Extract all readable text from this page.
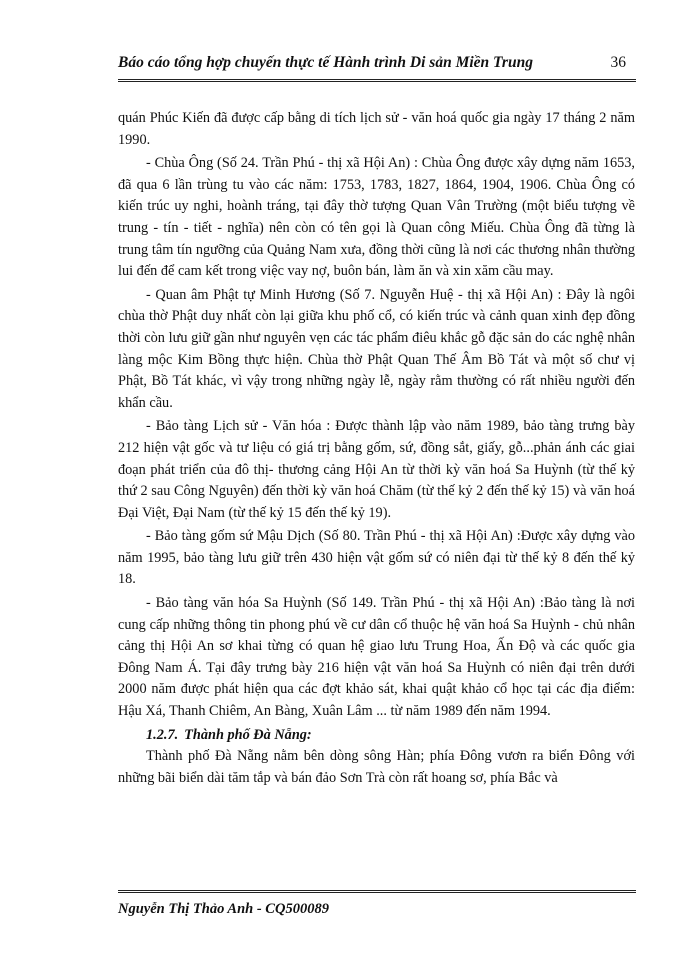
Báo cáo tổng hợp chuyến thực tế Hành trình Di sản Miền Trung	36

quán Phúc Kiến đã được cấp bằng di tích lịch sử - văn hoá quốc gia ngày 17 tháng 2 năm 1990.

- Chùa Ông (Số 24. Trần Phú - thị xã Hội An) : Chùa Ông được xây dựng năm 1653, đã qua 6 lần trùng tu vào các năm: 1753, 1783, 1827, 1864, 1904, 1906. Chùa Ông có kiến trúc uy nghi, hoành tráng, tại đây thờ tượng Quan Vân Trường (một biểu tượng về trung - tín - tiết - nghĩa) nên còn có tên gọi là Quan công Miếu. Chùa Ông đã từng là trung tâm tín ngưỡng của Quảng Nam xưa, đồng thời cũng là nơi các thương nhân thường lui đến để cam kết trong việc vay nợ, buôn bán, làm ăn và xin xăm cầu may.

- Quan âm Phật tự Minh Hương (Số 7. Nguyễn Huệ - thị xã Hội An) : Đây là ngôi chùa thờ Phật duy nhất còn lại giữa khu phố cổ, có kiến trúc và cảnh quan xinh đẹp đồng thời còn lưu giữ gần như nguyên vẹn các tác phẩm điêu khắc gỗ đặc sản do các nghệ nhân làng mộc Kim Bồng thực hiện. Chùa thờ Phật Quan Thế Âm Bồ Tát và một số chư vị Phật, Bồ Tát khác, vì vậy trong những ngày lễ, ngày rằm thường có rất nhiều người đến khẩn cầu.

- Bảo tàng Lịch sử - Văn hóa : Được thành lập vào năm 1989, bảo tàng trưng bày 212 hiện vật gốc và tư liệu có giá trị bằng gốm, sứ, đồng sắt, giấy, gỗ...phản ánh các giai đoạn phát triển của đô thị- thương cảng Hội An từ thời kỳ văn hoá Sa Huỳnh (từ thế kỷ thứ 2 sau Công Nguyên) đến thời kỳ văn hoá Chăm (từ thế kỷ 2 đến thế kỷ 15) và văn hoá Đại Việt, Đại Nam (từ thế kỷ 15 đến thế kỷ 19).

- Bảo tàng gốm sứ Mậu Dịch (Số 80. Trần Phú - thị xã Hội An) :Được xây dựng vào năm 1995, bảo tàng lưu giữ trên 430 hiện vật gốm sứ có niên đại từ thế kỷ 8 đến thế kỷ 18.

- Bảo tàng văn hóa Sa Huỳnh (Số 149. Trần Phú - thị xã Hội An) :Bảo tàng là nơi cung cấp những thông tin phong phú về cư dân cổ thuộc hệ văn hoá Sa Huỳnh - chủ nhân cảng thị Hội An sơ khai từng có quan hệ giao lưu Trung Hoa, Ấn Độ và các quốc gia Đông Nam Á. Tại đây trưng bày 216 hiện vật văn hoá Sa Huỳnh có niên đại trên dưới 2000 năm được phát hiện qua các đợt khảo sát, khai quật khảo cổ học tại các địa điểm: Hậu Xá, Thanh Chiêm, An Bàng, Xuân Lâm ... từ năm 1989 đến năm 1994.

1.2.7. Thành phố Đà Nẵng:

Thành phố Đà Nẵng nằm bên dòng sông Hàn; phía Đông vươn ra biển Đông với những bãi biển dài tăm tắp và bán đảo Sơn Trà còn rất hoang sơ, phía Bắc và

Nguyễn Thị Thảo Anh - CQ500089
